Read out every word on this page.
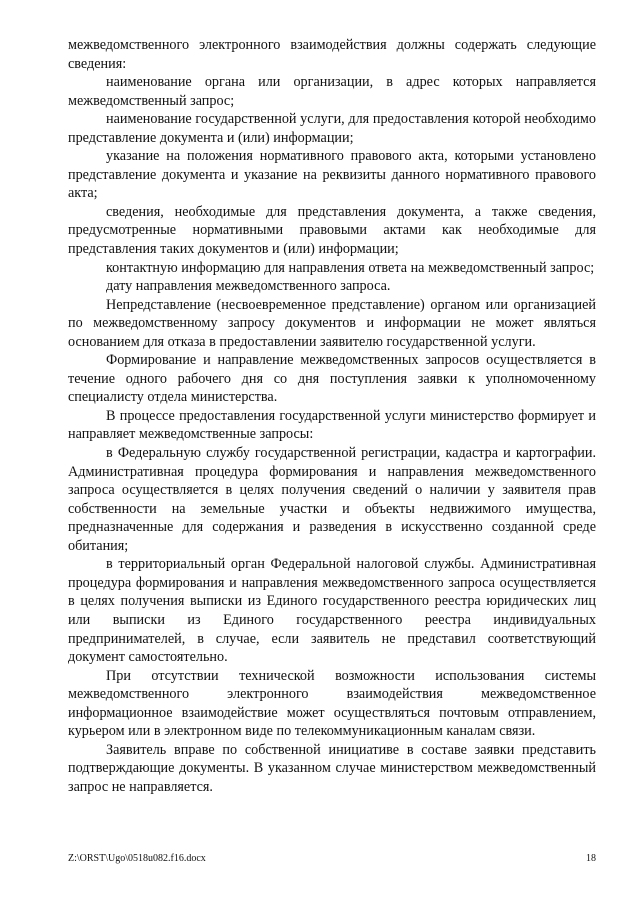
межведомственного электронного взаимодействия должны содержать следующие сведения:

наименование органа или организации, в адрес которых направляется межведомственный запрос;

наименование государственной услуги, для предоставления которой необходимо представление документа и (или) информации;

указание на положения нормативного правового акта, которыми установлено представление документа и указание на реквизиты данного нормативного правового акта;

сведения, необходимые для представления документа, а также сведения, предусмотренные нормативными правовыми актами как необходимые для представления таких документов и (или) информации;

контактную информацию для направления ответа на межведомственный запрос;

дату направления межведомственного запроса.

Непредставление (несвоевременное представление) органом или организацией по межведомственному запросу документов и информации не может являться основанием для отказа в предоставлении заявителю государственной услуги.

Формирование и направление межведомственных запросов осуществляется в течение одного рабочего дня со дня поступления заявки к уполномоченному специалисту отдела министерства.

В процессе предоставления государственной услуги министерство формирует и направляет межведомственные запросы:

в Федеральную службу государственной регистрации, кадастра и картографии. Административная процедура формирования и направления межведомственного запроса осуществляется в целях получения сведений о наличии у заявителя прав собственности на земельные участки и объекты недвижимого имущества, предназначенные для содержания и разведения в искусственно созданной среде обитания;

в территориальный орган Федеральной налоговой службы. Административная процедура формирования и направления межведомственного запроса осуществляется в целях получения выписки из Единого государственного реестра юридических лиц или выписки из Единого государственного реестра индивидуальных предпринимателей, в случае, если заявитель не представил соответствующий документ самостоятельно.

При отсутствии технической возможности использования системы межведомственного электронного взаимодействия межведомственное информационное взаимодействие может осуществляться почтовым отправлением, курьером или в электронном виде по телекоммуникационным каналам связи.

Заявитель вправе по собственной инициативе в составе заявки представить подтверждающие документы. В указанном случае министерством межведомственный запрос не направляется.

Z:\ORST\Ugo\0518u082.f16.docx	18
